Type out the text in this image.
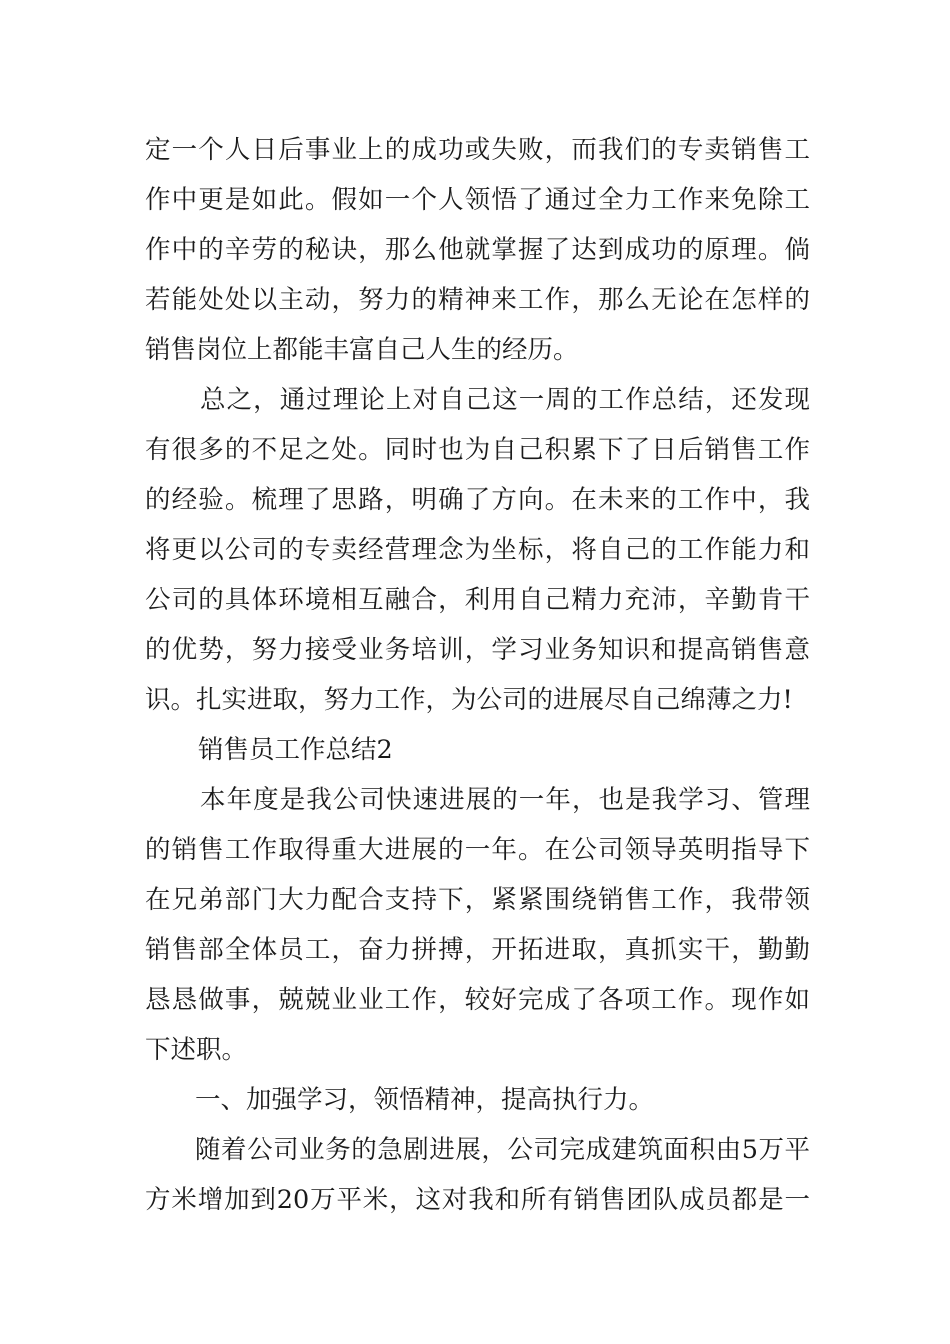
定一个人日后事业上的成功或失败，而我们的专卖销售工
作中更是如此。假如一个人领悟了通过全力工作来免除工
作中的辛劳的秘诀，那么他就掌握了达到成功的原理。倘
若能处处以主动，努力的精神来工作，那么无论在怎样的
销售岗位上都能丰富自己人生的经历。
总之，通过理论上对自己这一周的工作总结，还发现
有很多的不足之处。同时也为自己积累下了日后销售工作
的经验。梳理了思路，明确了方向。在未来的工作中，我
将更以公司的专卖经营理念为坐标，将自己的工作能力和
公司的具体环境相互融合，利用自己精力充沛，辛勤肯干
的优势，努力接受业务培训，学习业务知识和提高销售意
识。扎实进取，努力工作，为公司的进展尽自己绵薄之力!
销售员工作总结2
本年度是我公司快速进展的一年，也是我学习、管理
的销售工作取得重大进展的一年。在公司领导英明指导下
在兄弟部门大力配合支持下，紧紧围绕销售工作，我带领
销售部全体员工，奋力拼搏，开拓进取，真抓实干，勤勤
恳恳做事，兢兢业业工作，较好完成了各项工作。现作如
下述职。
一、加强学习，领悟精神，提高执行力。
随着公司业务的急剧进展，公司完成建筑面积由5万平
方米增加到20万平米，这对我和所有销售团队成员都是一
